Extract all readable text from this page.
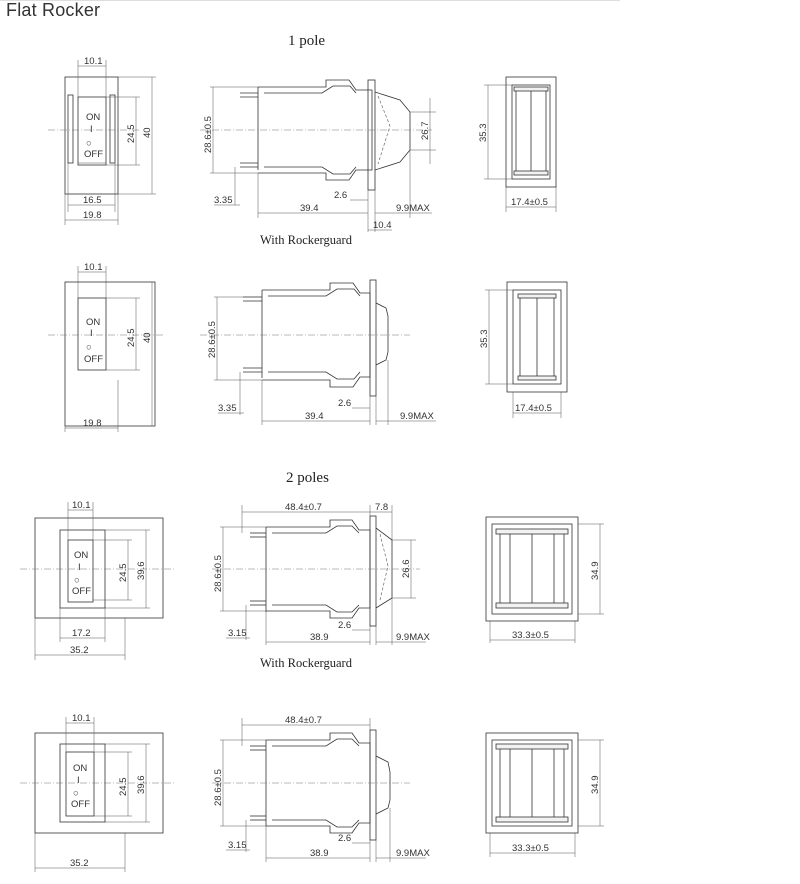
Flat Rocker
1 pole
2 poles
With Rockerguard
With Rockerguard
ON
I
○
OFF
10.1
24.5 40
16.5
19.8
28.6±0.5	26.7
3.35	2.6
39.4	9.9MAX
10.4
35.3
17.4±0.5
ON
I
○
OFF
10.1
24.5 40
19.8
28.6±0.5
3.35	2.6
39.4	9.9MAX
35.3
17.4±0.5
ON
I
○
OFF
10.1
24.5 39.6
17.2
35.2
48.4±0.7	7.8
28.6±0.5	26.6
3.15
2.6
38.9	9.9MAX
34.9
33.3±0.5
ON
I
○
OFF
10.1
24.5 39.6
35.2
48.4±0.7
28.6±0.5
3.15
2.6
38.9	9.9MAX
34.9
33.3±0.5
